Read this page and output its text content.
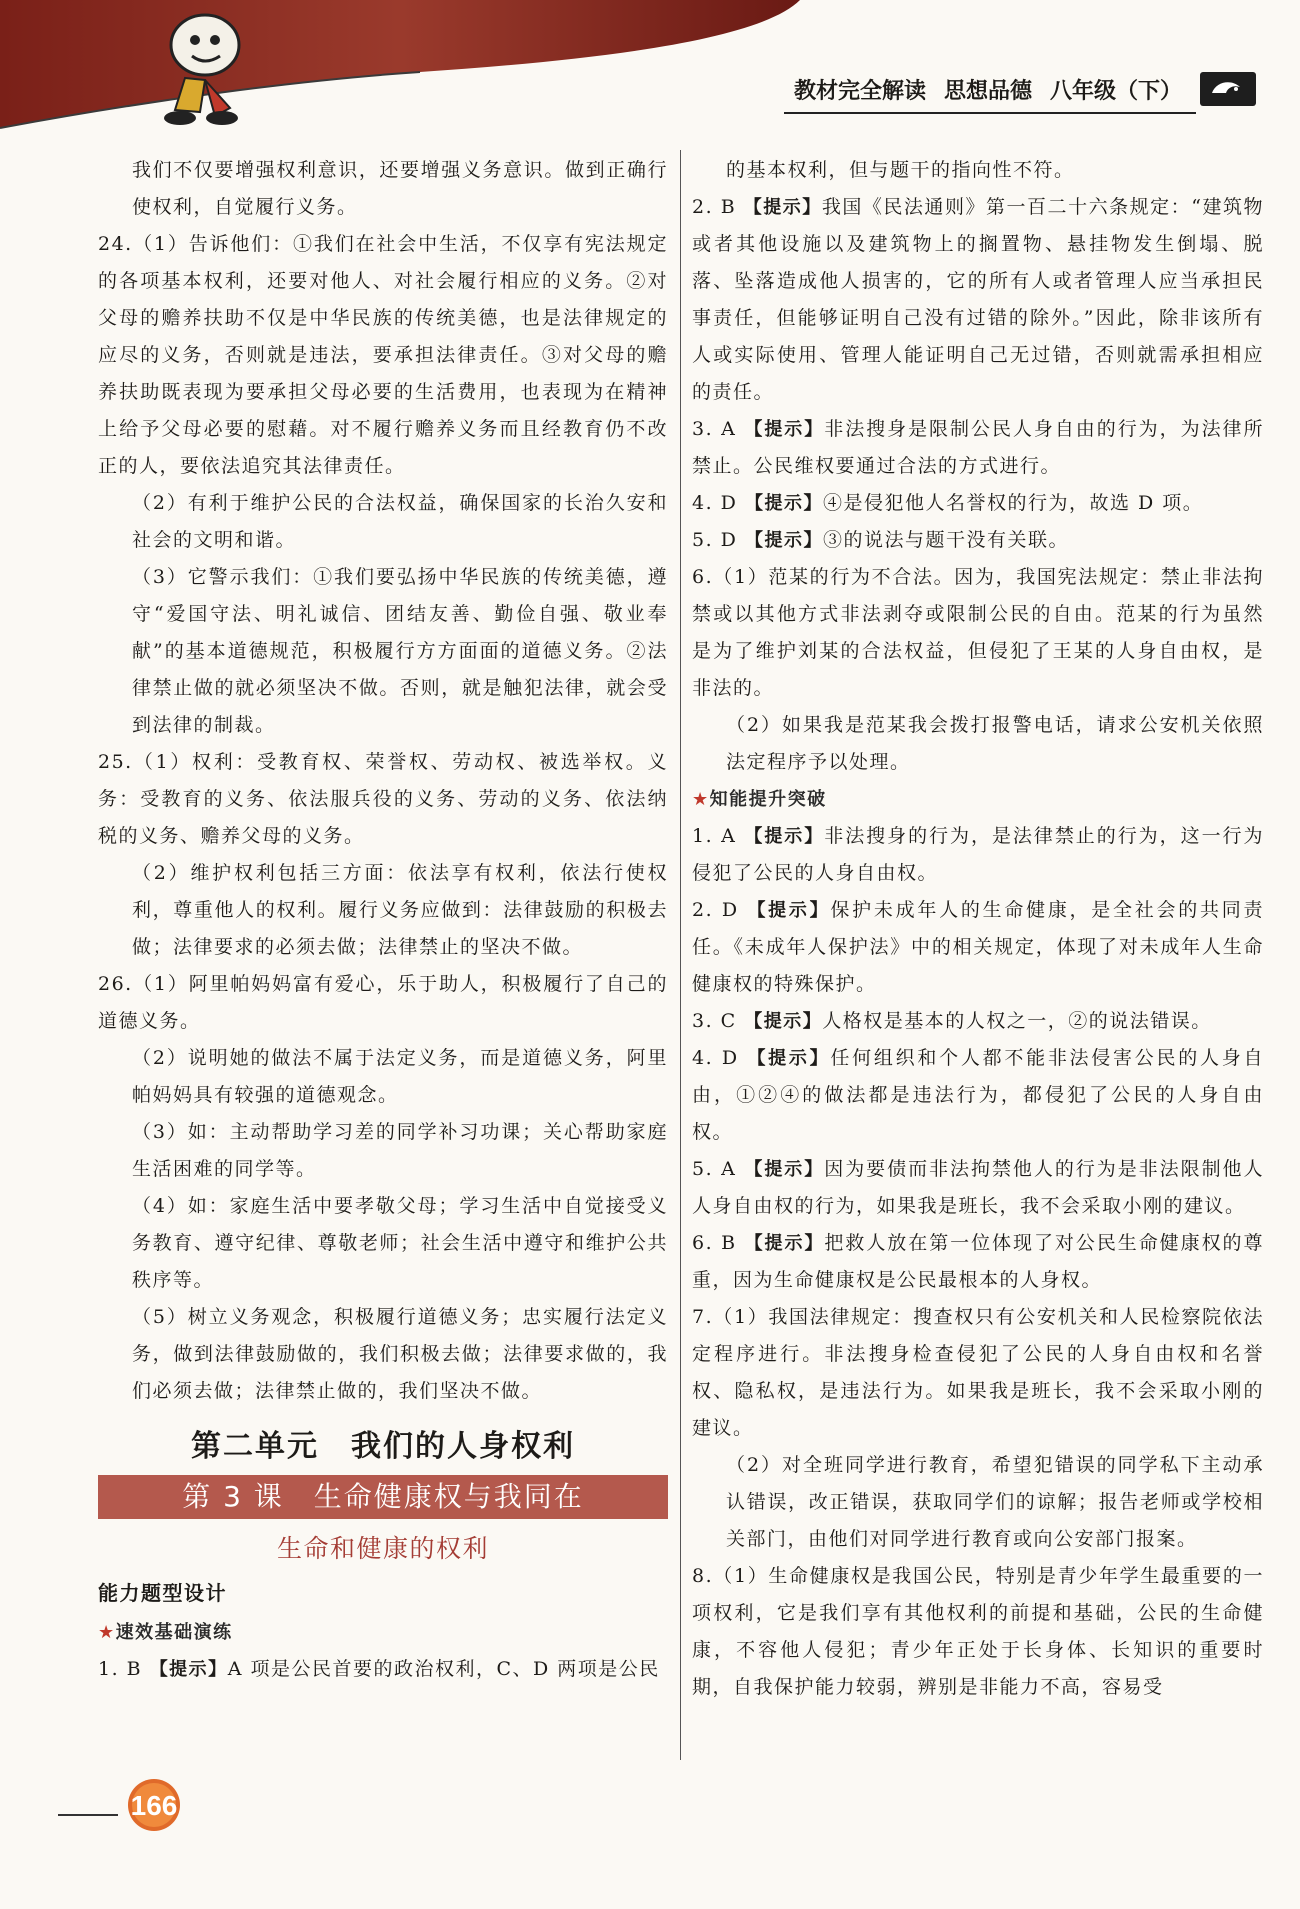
教材完全解读 思想品德 八年级（下）

我们不仅要增强权利意识，还要增强义务意识。做到正确行使权利，自觉履行义务。

24.（1）告诉他们：①我们在社会中生活，不仅享有宪法规定的各项基本权利，还要对他人、对社会履行相应的义务。②对父母的赡养扶助不仅是中华民族的传统美德，也是法律规定的应尽的义务，否则就是违法，要承担法律责任。③对父母的赡养扶助既表现为要承担父母必要的生活费用，也表现为在精神上给予父母必要的慰藉。对不履行赡养义务而且经教育仍不改正的人，要依法追究其法律责任。

（2）有利于维护公民的合法权益，确保国家的长治久安和社会的文明和谐。

（3）它警示我们：①我们要弘扬中华民族的传统美德，遵守“爱国守法、明礼诚信、团结友善、勤俭自强、敬业奉献”的基本道德规范，积极履行方方面面的道德义务。②法律禁止做的就必须坚决不做。否则，就是触犯法律，就会受到法律的制裁。

25.（1）权利：受教育权、荣誉权、劳动权、被选举权。义务：受教育的义务、依法服兵役的义务、劳动的义务、依法纳税的义务、赡养父母的义务。

（2）维护权利包括三方面：依法享有权利，依法行使权利，尊重他人的权利。履行义务应做到：法律鼓励的积极去做；法律要求的必须去做；法律禁止的坚决不做。

26.（1）阿里帕妈妈富有爱心，乐于助人，积极履行了自己的道德义务。

（2）说明她的做法不属于法定义务，而是道德义务，阿里帕妈妈具有较强的道德观念。

（3）如：主动帮助学习差的同学补习功课；关心帮助家庭生活困难的同学等。

（4）如：家庭生活中要孝敬父母；学习生活中自觉接受义务教育、遵守纪律、尊敬老师；社会生活中遵守和维护公共秩序等。

（5）树立义务观念，积极履行道德义务；忠实履行法定义务，做到法律鼓励做的，我们积极去做；法律要求做的，我们必须去做；法律禁止做的，我们坚决不做。

第二单元　我们的人身权利
第 3 课　生命健康权与我同在
生命和健康的权利
能力题型设计
★速效基础演练

1. B 【提示】A 项是公民首要的政治权利，C、D 两项是公民

的基本权利，但与题干的指向性不符。

2. B 【提示】我国《民法通则》第一百二十六条规定：“建筑物或者其他设施以及建筑物上的搁置物、悬挂物发生倒塌、脱落、坠落造成他人损害的，它的所有人或者管理人应当承担民事责任，但能够证明自己没有过错的除外。”因此，除非该所有人或实际使用、管理人能证明自己无过错，否则就需承担相应的责任。

3. A 【提示】非法搜身是限制公民人身自由的行为，为法律所禁止。公民维权要通过合法的方式进行。

4. D 【提示】④是侵犯他人名誉权的行为，故选 D 项。

5. D 【提示】③的说法与题干没有关联。

6.（1）范某的行为不合法。因为，我国宪法规定：禁止非法拘禁或以其他方式非法剥夺或限制公民的自由。范某的行为虽然是为了维护刘某的合法权益，但侵犯了王某的人身自由权，是非法的。

（2）如果我是范某我会拨打报警电话，请求公安机关依照法定程序予以处理。

★知能提升突破

1. A 【提示】非法搜身的行为，是法律禁止的行为，这一行为侵犯了公民的人身自由权。

2. D 【提示】保护未成年人的生命健康，是全社会的共同责任。《未成年人保护法》中的相关规定，体现了对未成年人生命健康权的特殊保护。

3. C 【提示】人格权是基本的人权之一，②的说法错误。

4. D 【提示】任何组织和个人都不能非法侵害公民的人身自由，①②④的做法都是违法行为，都侵犯了公民的人身自由权。

5. A 【提示】因为要债而非法拘禁他人的行为是非法限制他人人身自由权的行为，如果我是班长，我不会采取小刚的建议。

6. B 【提示】把救人放在第一位体现了对公民生命健康权的尊重，因为生命健康权是公民最根本的人身权。

7.（1）我国法律规定：搜查权只有公安机关和人民检察院依法定程序进行。非法搜身检查侵犯了公民的人身自由权和名誉权、隐私权，是违法行为。如果我是班长，我不会采取小刚的建议。

（2）对全班同学进行教育，希望犯错误的同学私下主动承认错误，改正错误，获取同学们的谅解；报告老师或学校相关部门，由他们对同学进行教育或向公安部门报案。

8.（1）生命健康权是我国公民，特别是青少年学生最重要的一项权利，它是我们享有其他权利的前提和基础，公民的生命健康，不容他人侵犯；青少年正处于长身体、长知识的重要时期，自我保护能力较弱，辨别是非能力不高，容易受

166
